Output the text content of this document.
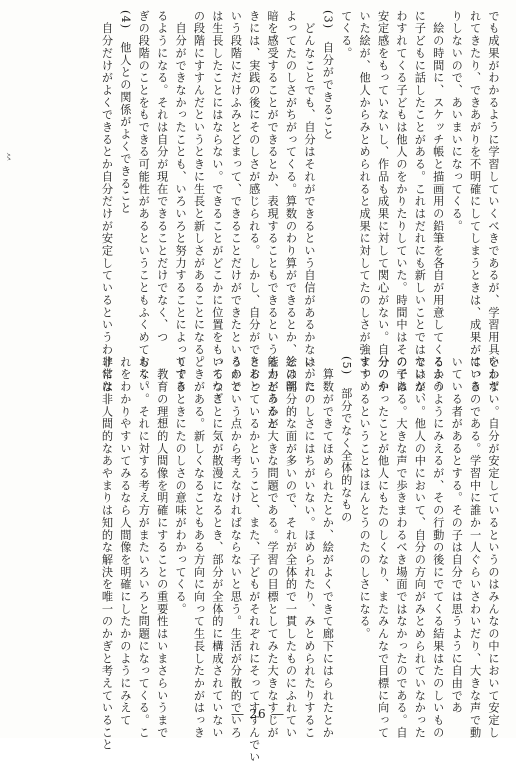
でも成果がわかるように学習していくべきであるが、学習用具をわず

れてきたり、できあがりを不明確にしてしまうときは、成果がはっき

りしないので、あいまいになってくる。

　絵の時間に、スケッチ帳と描画用の鉛筆を各自が用意してくるよう

に子どもに話したことがある。これはだれにも新しいことではないが、

わすれてくる子どもは他人のをかりたりしていた。時間中はその子は

安定感をもっていないし、作品も成果に対して関心がない。自分のか

いた絵が、他人からみとめられると成果に対してたのしさが強まっ

てくる。

(3)　自分ができること

　どんなことでも、自分はそれができるという自信があるかないかに

よってたのしさがちがってくる。算数のわり算ができるとか、絵の明

暗を感受することができるとか、表現することもできるという能力があると

きには、実践の後にそのしさが感じられる。しかし、自分ができると

いう段階にだけふみとどまって、できることだけができたというので

は生長したことにはならない。できることがどこかに位置をもってつぎ

の段階にすすんだというときに生長と新しさがあることになる。

　自分ができなかったことも、いろいろと努力することによってでき

るようになる。それは自分が現在できることだけでなく、つ

ぎの段階のことをもできる可能性があるということもふくめておく。

(4)　他人との関係がよくできること

　自分だけがよくできるとか自分だけが安定しているというわけには

いかない。自分が安定しているというのはみんなの中において安定し

ているのである。学習中に誰か一人ぐらいさわいだり、大きな声で動

いている者があるとする。その子は自分では思うように自由であ

るかのようにみえるが、その行動の後にでてくる結果はたのしいもの

ではない。他人の中において、自分の方向がみとめられていなかった

のである。大きな声で歩きまわるべき場面ではなかったのである。自

分のやったことが他人にもたのしくなり、またみんなで目標に向って

すすめるということはほんとうのたのしさになる。

(5)　部分でなく全体的なもの

　算数ができてほめられたとか、絵がよくできて廊下にはられたとか

は、たのしさにはちがいない。ほめられたり、みとめられたりするこ

とは部分的な面が多いので、それが全体的で一貫したものにふれてい

るかどうかが大きな問題である。学習の目標としてみた大きなすじが

とおっているかということ、また、子どもがそれぞれにそってすすんでい

るかという点から考えなければならないと思う。生活が分散的でいろ

いろなことに気が散漫になるとき、部分が全体的に構成されていない

ときがある。新しくなることもある方向に向って生長したかがはっき

りするときにたのしさの意味がわかってくる。

　教育の理想的人間像を明確にすることの重要性はいまさらいうまで

もない。それに対する考え方がまたいろいろと問題になってくる。こ

れをわかりやすいてみるなら人間像を明確にしたかのようにみえて

非常な非人間的なあやまりは知的な解決を唯一のかぎと考えていること

〻
― 26 ―
